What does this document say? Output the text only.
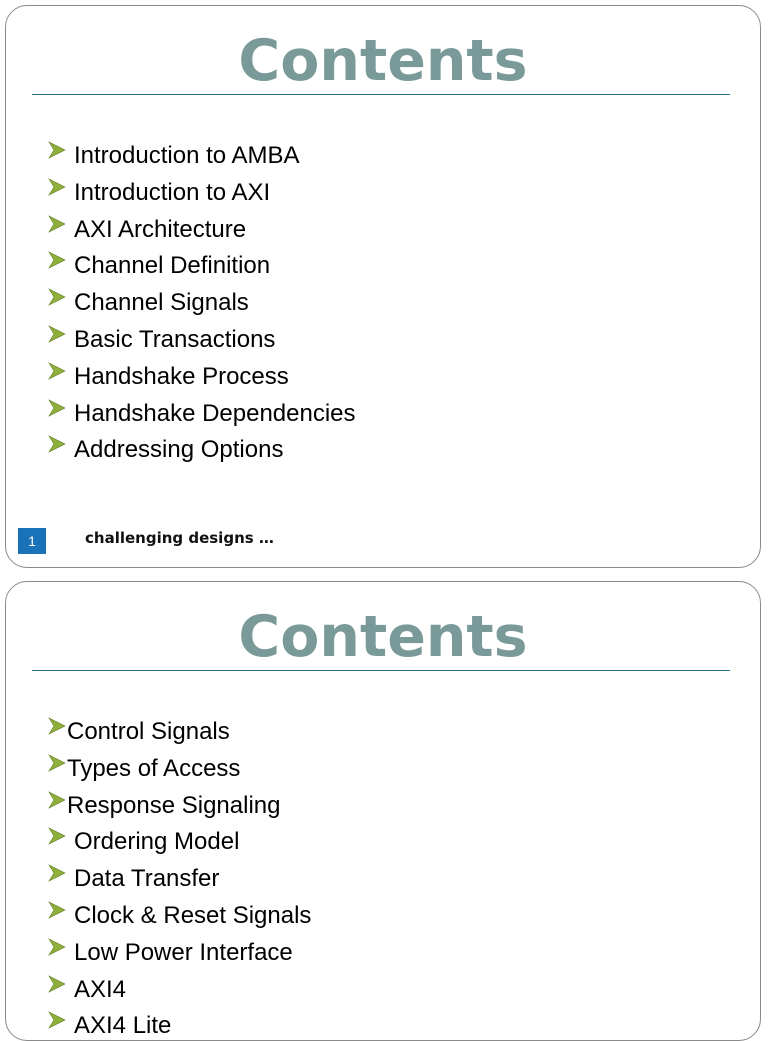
Contents
Introduction to AMBA
Introduction to AXI
AXI Architecture
Channel Definition
Channel Signals
Basic Transactions
Handshake Process
Handshake Dependencies
Addressing Options
1	challenging designs …
Contents
Control Signals
Types of Access
Response Signaling
Ordering Model
Data Transfer
Clock & Reset Signals
Low Power Interface
AXI4
AXI4 Lite
